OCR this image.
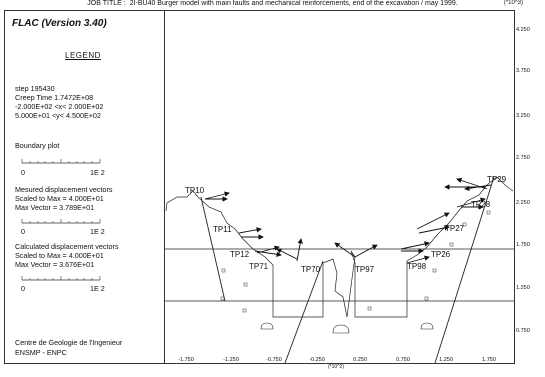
JOB TITLE : 2I-BU40 Burger model with main faults and mechanical reinforcements, end of the excavation / may 1999.	(*10^3)
FLAC (Version 3.40)
LEGEND
step 195430
Creep Time 1.7472E+08
-2.000E+02 <x< 2.000E+02
5.000E+01 <y< 4.500E+02
Boundary plot
0	1E 2
Mesured displacement vectors
Scaled to Max = 4.000E+01
Max Vector = 3.789E+01
0	1E 2
Calculated displacement vectors
Scaled to Max = 4.000E+01
Max Vector = 3.676E+01
0	1E 2
Centre de Geologie de l'Ingenieur
ENSMP - ENPC
TP10
TP11
TP12
TP71	TP70	TP97	TP98
TP26
TP27
TP28
TP29
4.250
3.750
3.250
2.750
2.250
1.750
1.250
0.750
-1.750	-1.250	-0.750	-0.250	0.250	0.750	1.250	1.750
(*10^2)
